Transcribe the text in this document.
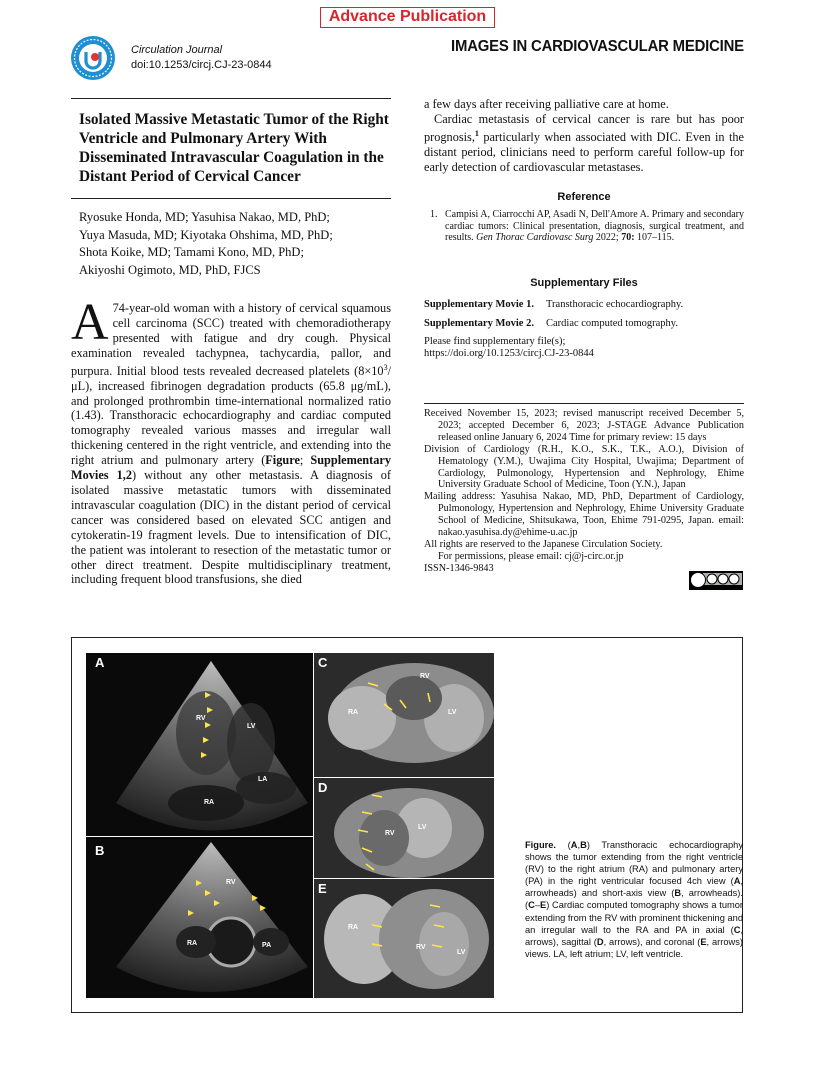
Advance Publication
Circulation Journal
doi:10.1253/circj.CJ-23-0844
IMAGES IN CARDIOVASCULAR MEDICINE
Isolated Massive Metastatic Tumor of the Right Ventricle and Pulmonary Artery With Disseminated Intravascular Coagulation in the Distant Period of Cervical Cancer
Ryosuke Honda, MD; Yasuhisa Nakao, MD, PhD;
Yuya Masuda, MD; Kiyotaka Ohshima, MD, PhD;
Shota Koike, MD; Tamami Kono, MD, PhD;
Akiyoshi Ogimoto, MD, PhD, FJCS
A 74-year-old woman with a history of cervical squamous cell carcinoma (SCC) treated with chemoradiotherapy presented with fatigue and dry cough. Physical examination revealed tachypnea, tachycardia, pallor, and purpura. Initial blood tests revealed decreased platelets $(8\times 10^3/\mu L)$, increased fibrinogen degradation products (65.8 μg/mL), and prolonged prothrombin time-international normalized ratio (1.43). Transthoracic echocardiography and cardiac computed tomography revealed various masses and irregular wall thickening centered in the right ventricle, and extending into the right atrium and pulmonary artery (Figure; Supplementary Movies 1,2) without any other metastasis. A diagnosis of isolated massive metastatic tumors with disseminated intravascular coagulation (DIC) in the distant period of cervical cancer was considered based on elevated SCC antigen and cytokeratin-19 fragment levels. Due to intensification of DIC, the patient was intolerant to resection of the metastatic tumor or other direct treatment. Despite multidisciplinary treatment, including frequent blood transfusions, she died

a few days after receiving palliative care at home.

Cardiac metastasis of cervical cancer is rare but has poor prognosis,$^1$ particularly when associated with DIC. Even in the distant period, clinicians need to perform careful follow-up for early detection of cardiovascular metastases.

Reference
1. Campisi A, Ciarrocchi AP, Asadi N, Dell'Amore A. Primary and secondary cardiac tumors: Clinical presentation, diagnosis, surgical treatment, and results. Gen Thorac Cardiovasc Surg 2022; 70: 107–115.
Supplementary Files
Supplementary Movie 1. Transthoracic echocardiography.
Supplementary Movie 2. Cardiac computed tomography.
Please find supplementary file(s);
https://doi.org/10.1253/circj.CJ-23-0844

Received November 15, 2023; revised manuscript received December 5, 2023; accepted December 6, 2023; J-STAGE Advance Publication released online January 6, 2024 Time for primary review: 15 days

Division of Cardiology (R.H., K.O., S.K., T.K., A.O.), Division of Hematology (Y.M.), Uwajima City Hospital, Uwajima; Department of Cardiology, Pulmonology, Hypertension and Nephrology, Ehime University Graduate School of Medicine, Toon (Y.N.), Japan

Mailing address: Yasuhisa Nakao, MD, PhD, Department of Cardiology, Pulmonology, Hypertension and Nephrology, Ehime University Graduate School of Medicine, Shitsukawa, Toon, Ehime 791-0295, Japan. email: nakao.yasuhisa.dy@ehime-u.ac.jp

All rights are reserved to the Japanese Circulation Society.

For permissions, please email: cj@j-circ.or.jp

ISSN-1346-9843

A
RV
LV
LA
RA
B
RV
RA	PA
C
RV
RA	LV
D
RV
LV
E
RA
RV
LV
Figure. (A,B) Transthoracic echocardiography shows the tumor extending from the right ventricle (RV) to the right atrium (RA) and pulmonary artery (PA) in the right ventricular focused 4ch view (A, arrowheads) and short-axis view (B, arrowheads). (C–E) Cardiac computed tomography shows a tumor extending from the RV with prominent thickening and an irregular wall to the RA and PA in axial (C, arrows), sagittal (D, arrows), and coronal (E, arrows) views. LA, left atrium; LV, left ventricle.
